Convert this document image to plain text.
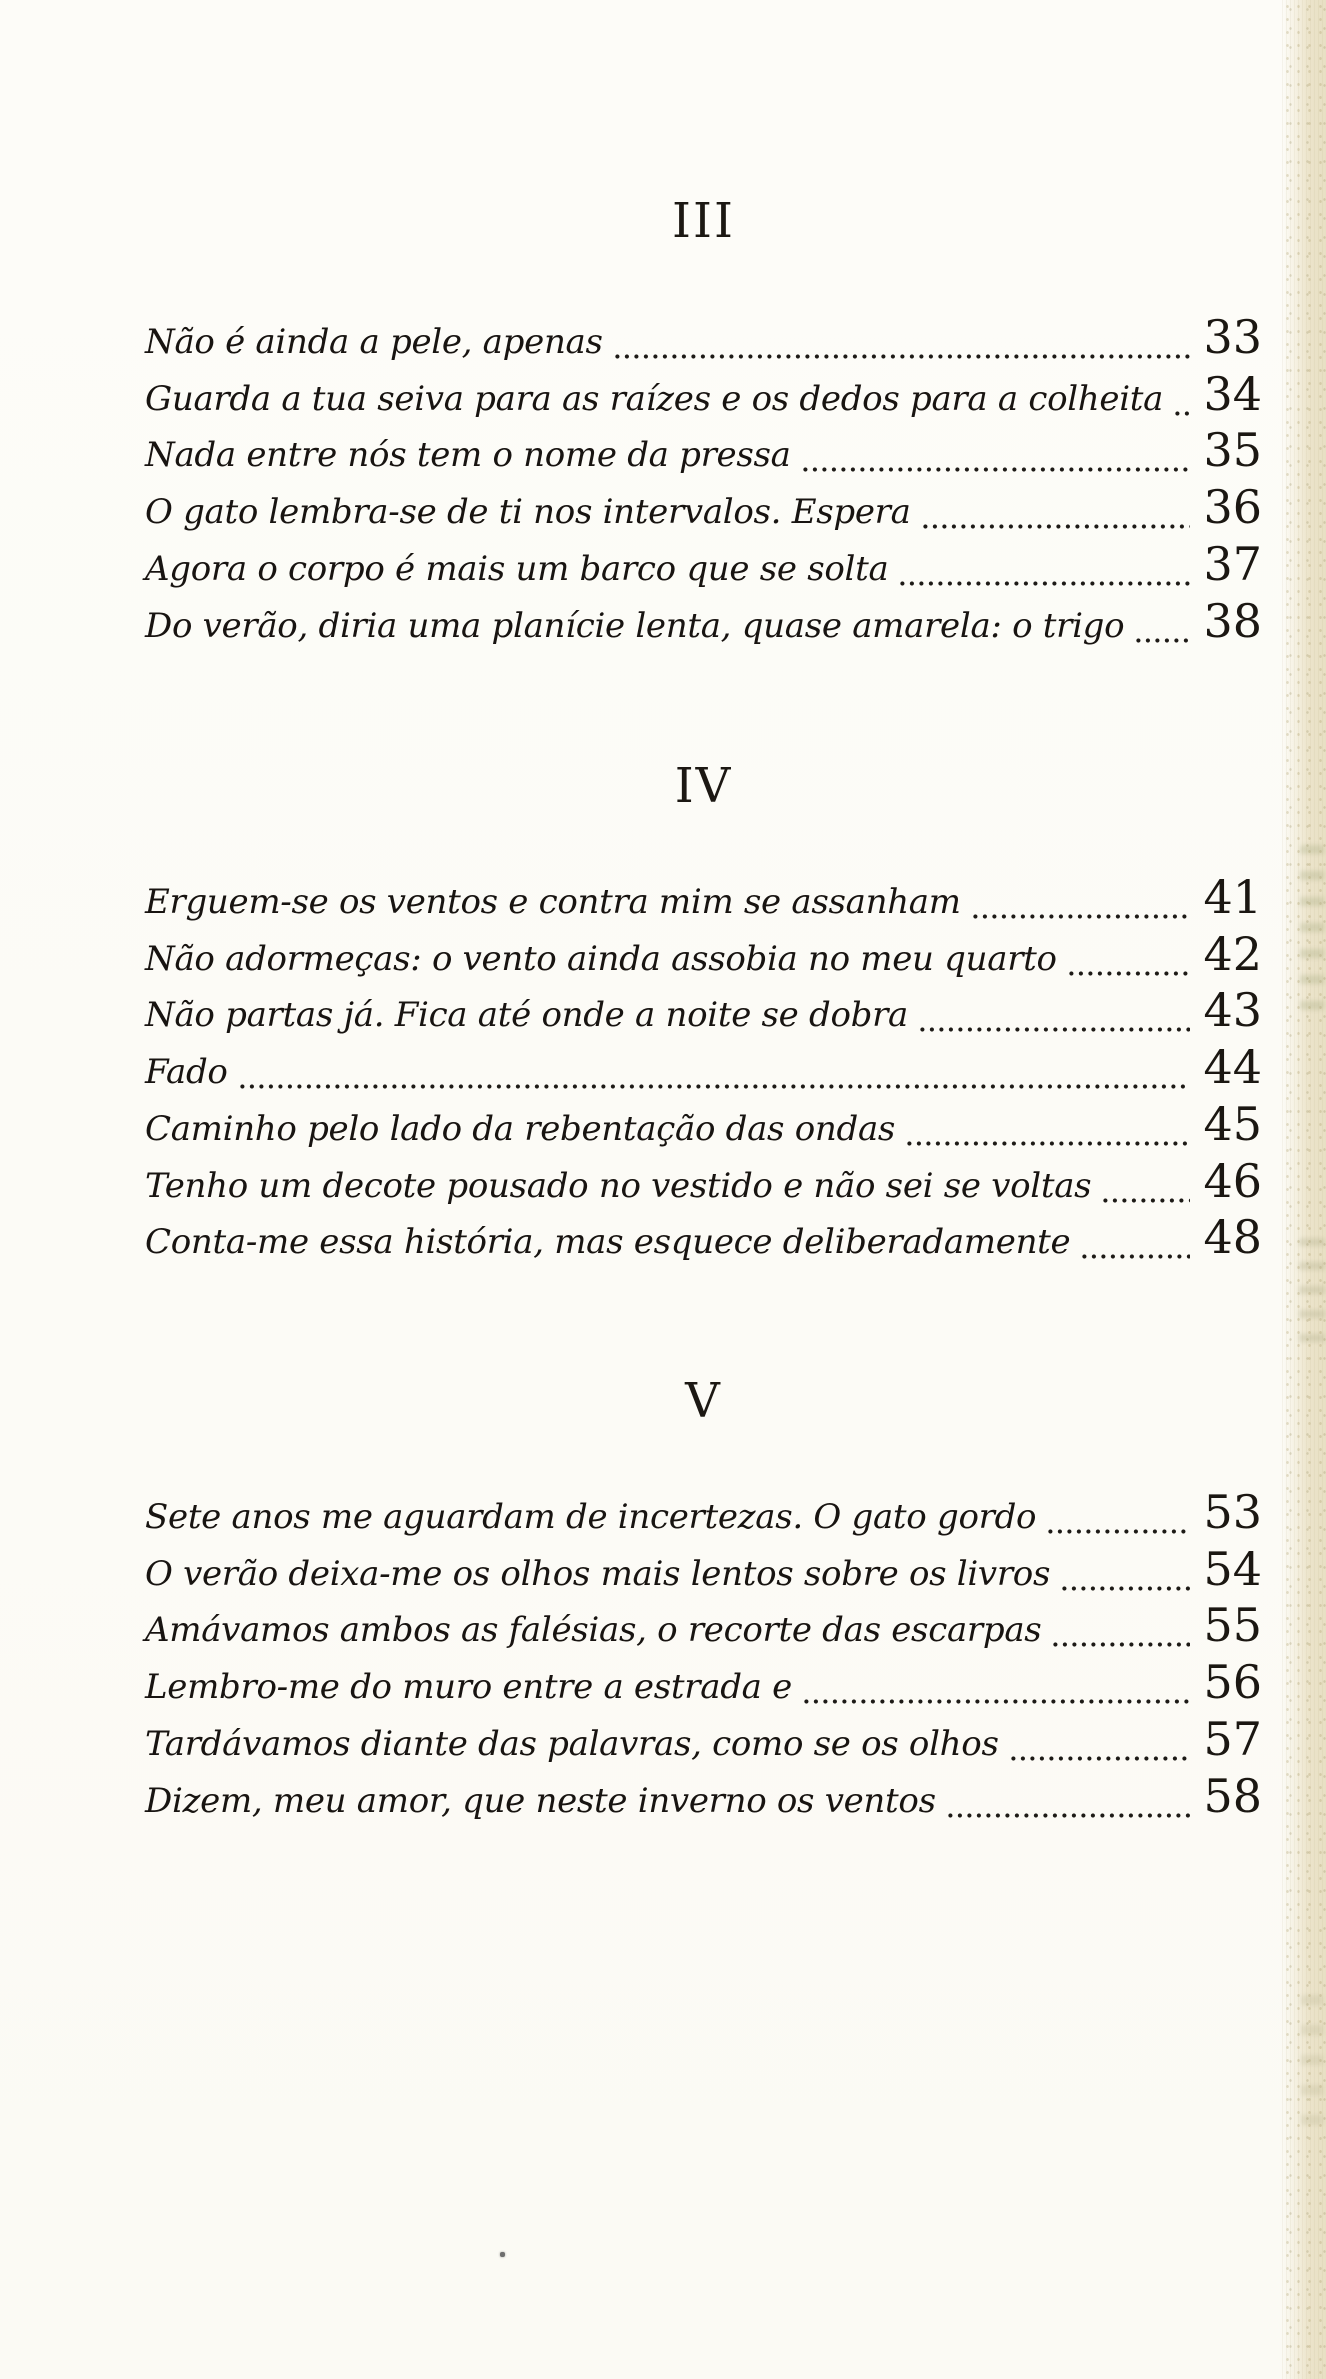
III
Não é ainda a pele, apenas	33
Guarda a tua seiva para as raízes e os dedos para a colheita 34
Nada entre nós tem o nome da pressa	35
O gato lembra-se de ti nos intervalos. Espera	36
Agora o corpo é mais um barco que se solta	37
Do verão, diria uma planície lenta, quase amarela: o trigo 38
IV
Erguem-se os ventos e contra mim se assanham	41
Não adormeças: o vento ainda assobia no meu quarto	42
Não partas já. Fica até onde a noite se dobra	43
Fado	44
Caminho pelo lado da rebentação das ondas	45
Tenho um decote pousado no vestido e não sei se voltas 46
Conta-me essa história, mas esquece deliberadamente	48
V
Sete anos me aguardam de incertezas. O gato gordo	53
O verão deixa-me os olhos mais lentos sobre os livros	54
Amávamos ambos as falésias, o recorte das escarpas	55
Lembro-me do muro entre a estrada e	56
Tardávamos diante das palavras, como se os olhos	57
Dizem, meu amor, que neste inverno os ventos	58
